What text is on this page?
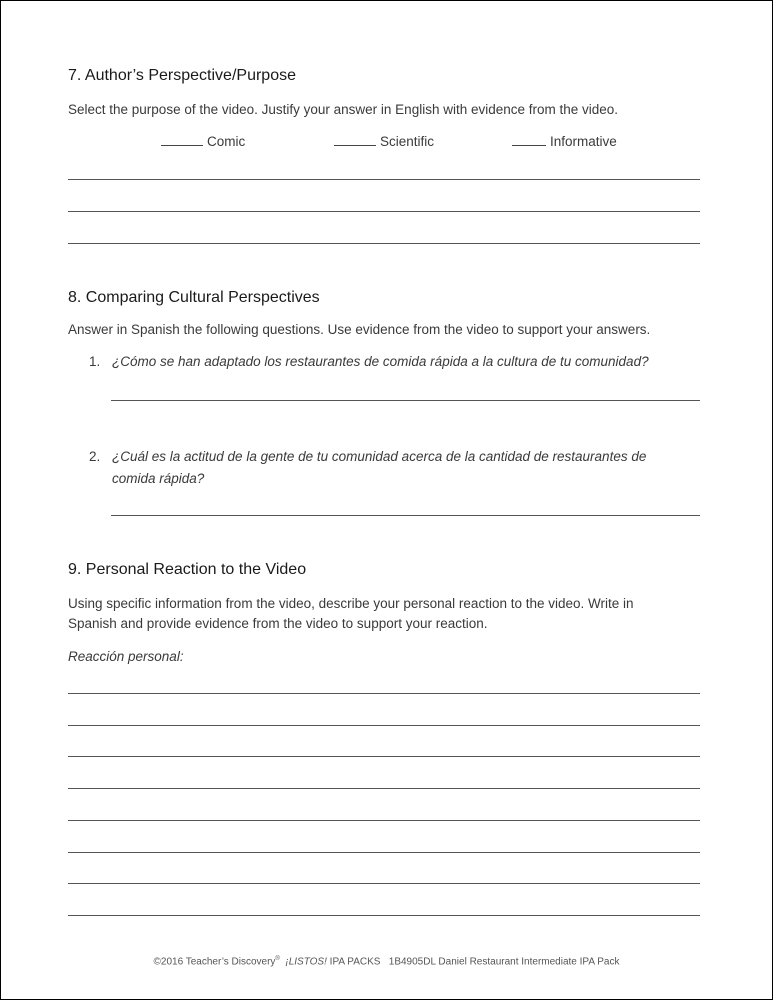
7. Author’s Perspective/Purpose
Select the purpose of the video. Justify your answer in English with evidence from the video.
Comic	Scientific	Informative
8. Comparing Cultural Perspectives
Answer in Spanish the following questions. Use evidence from the video to support your answers.
1. ¿Cómo se han adaptado los restaurantes de comida rápida a la cultura de tu comunidad?
2. ¿Cuál es la actitud de la gente de tu comunidad acerca de la cantidad de restaurantes de
comida rápida?
9. Personal Reaction to the Video
Using specific information from the video, describe your personal reaction to the video. Write in
Spanish and provide evidence from the video to support your reaction.
Reacción personal:
©2016 Teacher’s Discovery® ¡LISTOS! IPA PACKS   1B4905DL Daniel Restaurant Intermediate IPA Pack
